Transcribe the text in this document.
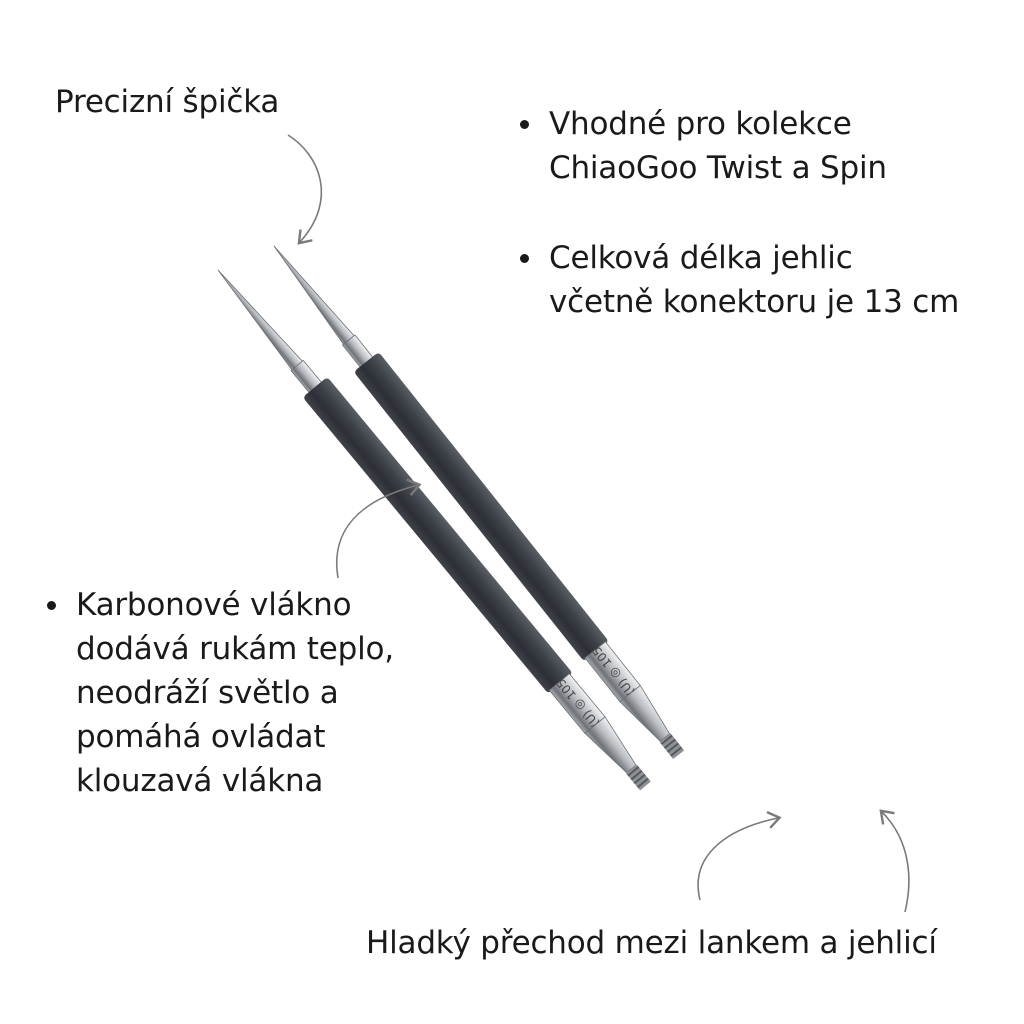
(U) ◎ 105
(U) ◎ 105
Precizní špička
Vhodné pro kolekce
ChiaoGoo Twist a Spin
Celková délka jehlic
včetně konektoru je 13 cm
Karbonové vlákno
dodává rukám teplo,
neodráží světlo a
pomáhá ovládat
klouzavá vlákna
Hladký přechod mezi lankem a jehlicí
